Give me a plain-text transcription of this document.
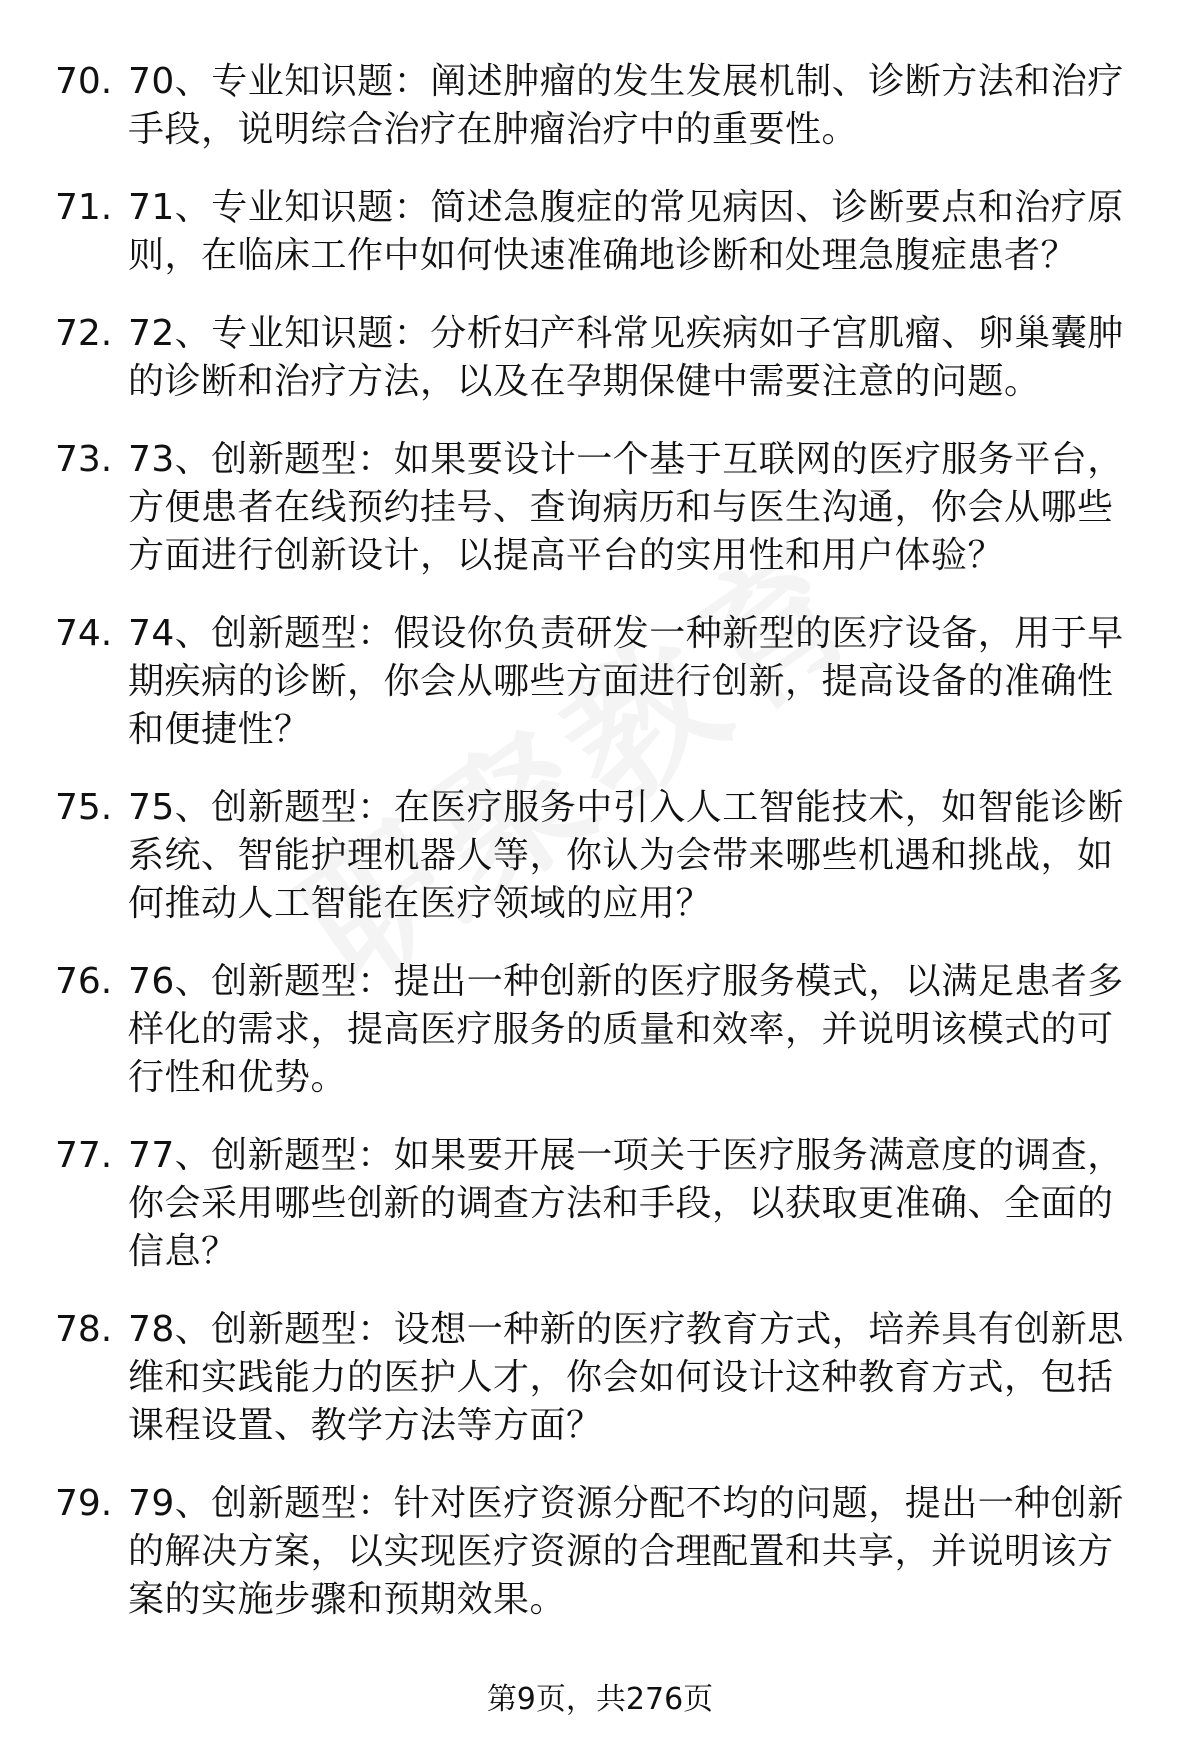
70. 70、专业知识题：阐述肿瘤的发生发展机制、诊断方法和治疗手段，说明综合治疗在肿瘤治疗中的重要性。
71. 71、专业知识题：简述急腹症的常见病因、诊断要点和治疗原则，在临床工作中如何快速准确地诊断和处理急腹症患者？
72. 72、专业知识题：分析妇产科常见疾病如子宫肌瘤、卵巢囊肿的诊断和治疗方法，以及在孕期保健中需要注意的问题。
73. 73、创新题型：如果要设计一个基于互联网的医疗服务平台，方便患者在线预约挂号、查询病历和与医生沟通，你会从哪些方面进行创新设计，以提高平台的实用性和用户体验？
74. 74、创新题型：假设你负责研发一种新型的医疗设备，用于早期疾病的诊断，你会从哪些方面进行创新，提高设备的准确性和便捷性？
75. 75、创新题型：在医疗服务中引入人工智能技术，如智能诊断系统、智能护理机器人等，你认为会带来哪些机遇和挑战，如何推动人工智能在医疗领域的应用？
76. 76、创新题型：提出一种创新的医疗服务模式，以满足患者多样化的需求，提高医疗服务的质量和效率，并说明该模式的可行性和优势。
77. 77、创新题型：如果要开展一项关于医疗服务满意度的调查，你会采用哪些创新的调查方法和手段，以获取更准确、全面的信息？
78. 78、创新题型：设想一种新的医疗教育方式，培养具有创新思维和实践能力的医护人才，你会如何设计这种教育方式，包括课程设置、教学方法等方面？
79. 79、创新题型：针对医疗资源分配不均的问题，提出一种创新的解决方案，以实现医疗资源的合理配置和共享，并说明该方案的实施步骤和预期效果。
第9页，共276页
